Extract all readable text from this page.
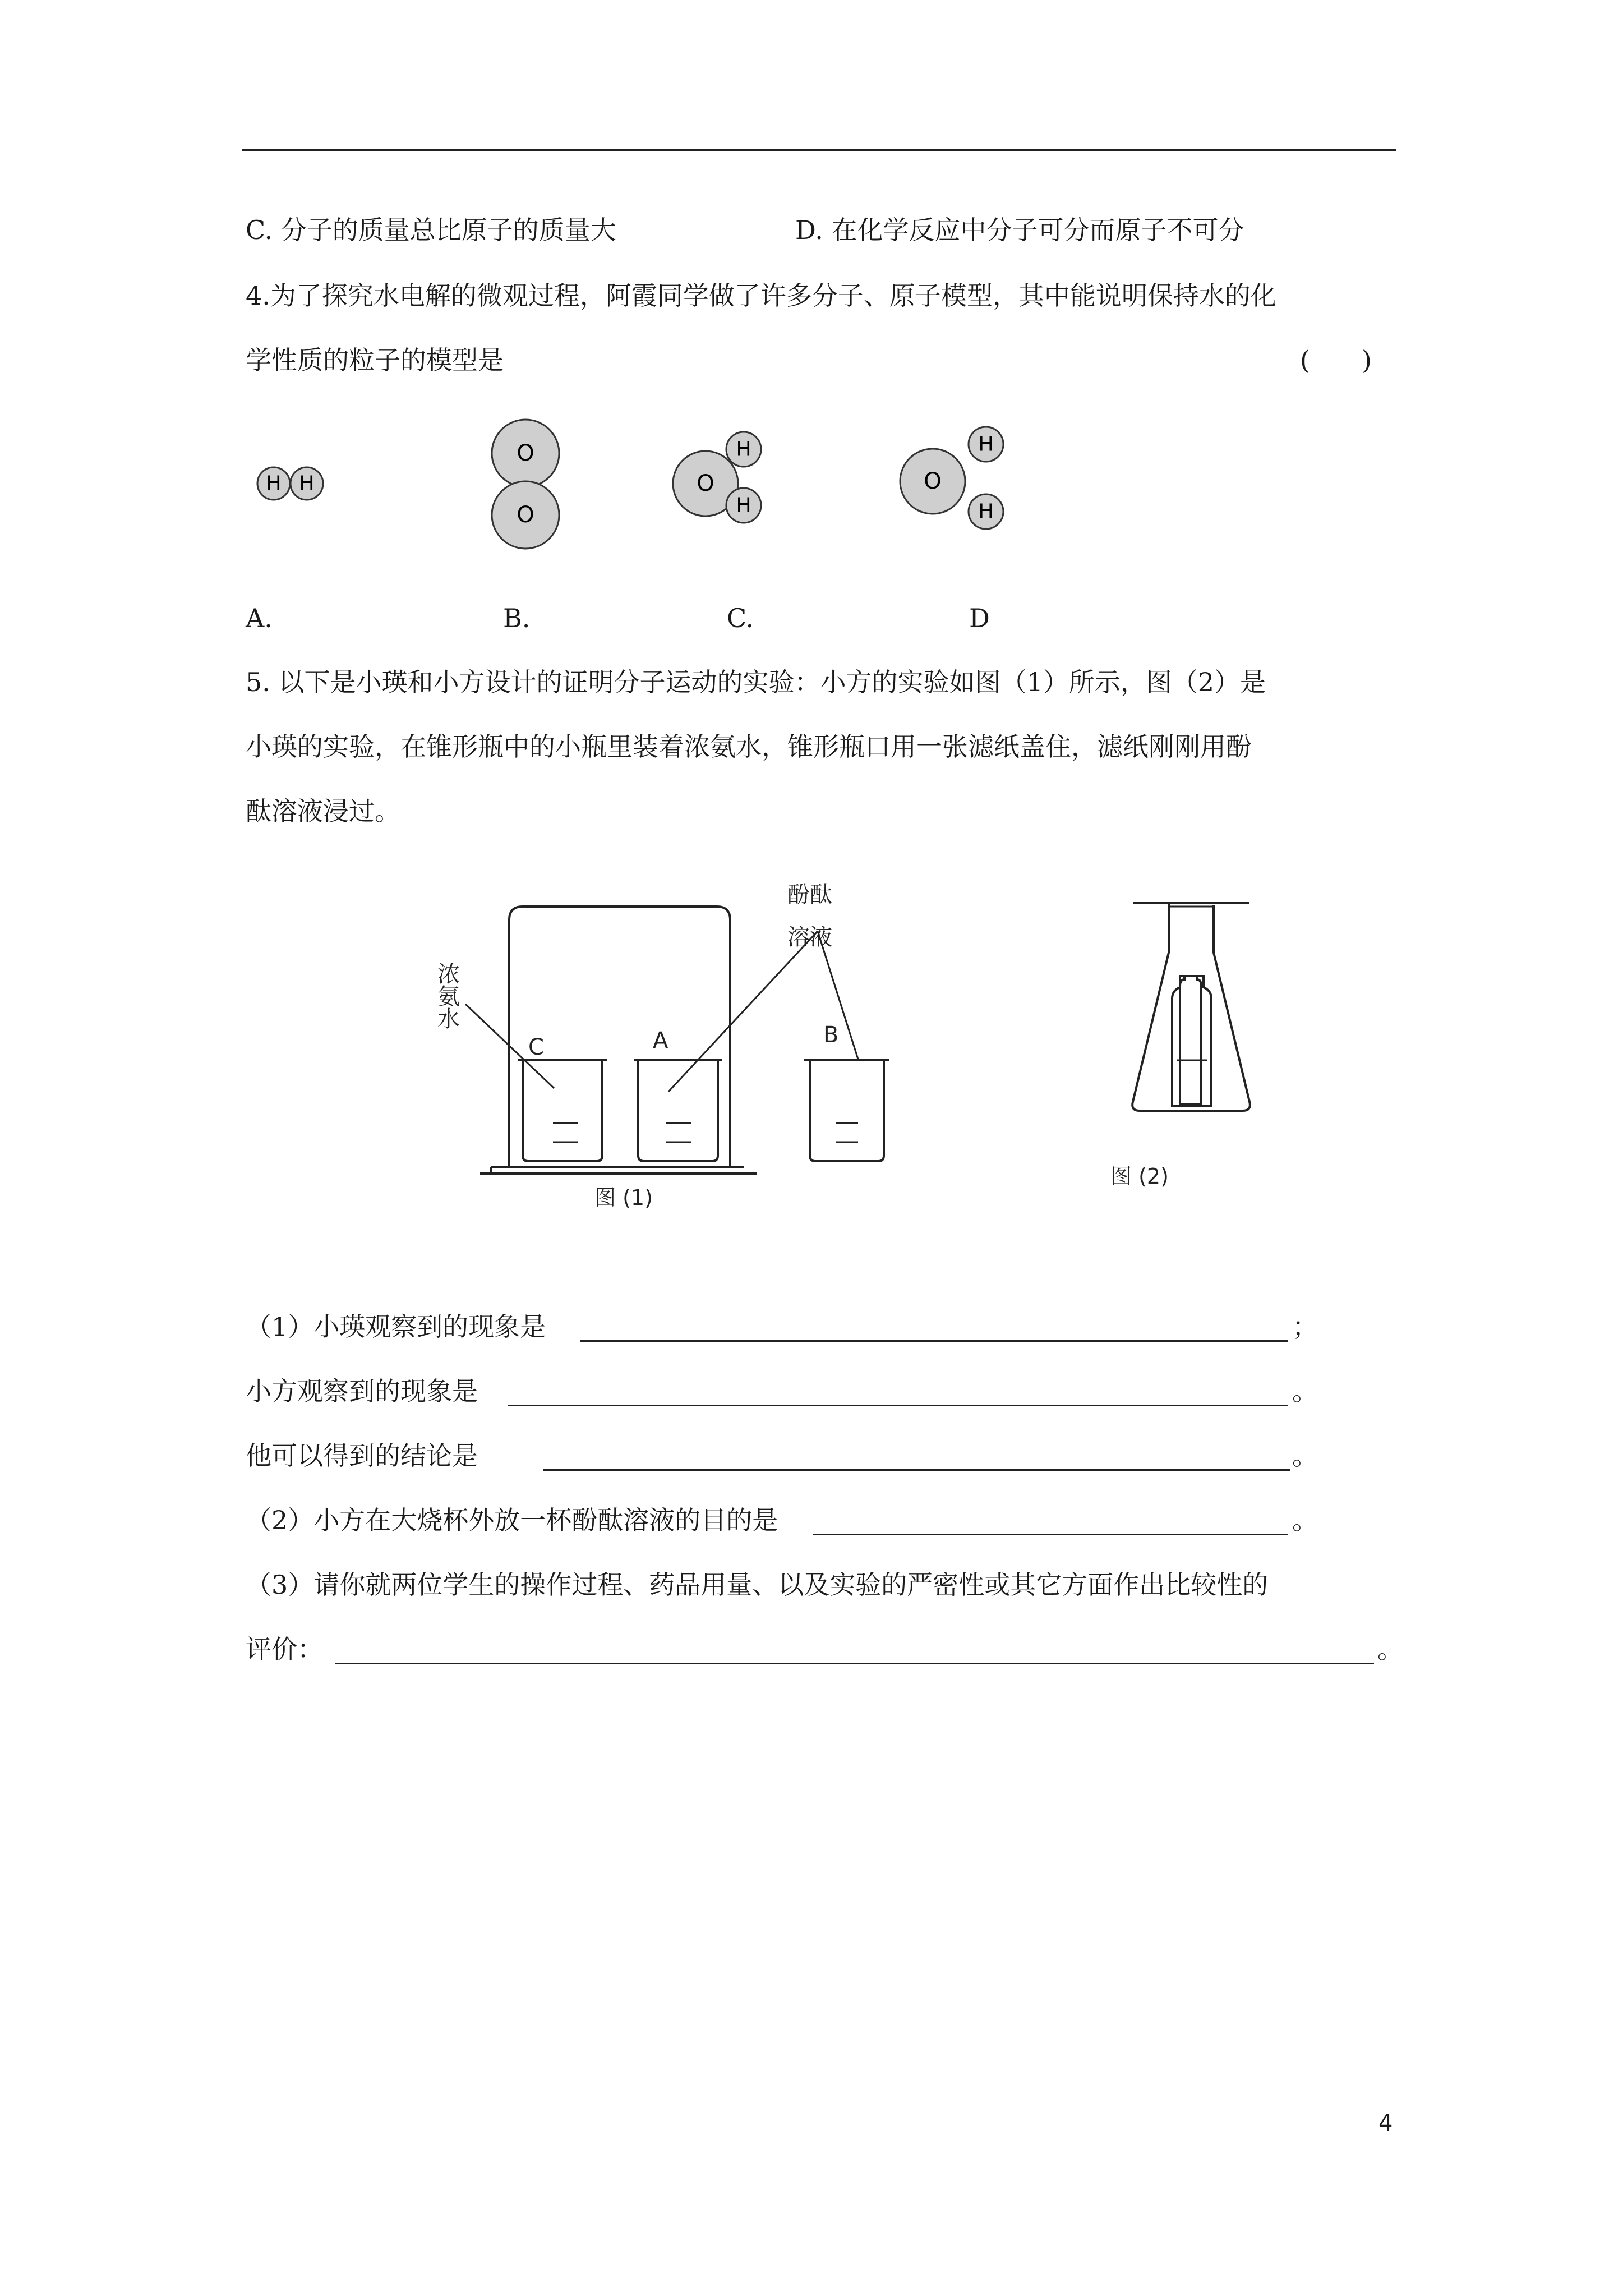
C. 分子的质量总比原子的质量大	D. 在化学反应中分子可分而原子不可分
4.为了探究水电解的微观过程，阿霞同学做了许多分子、原子模型，其中能说明保持水的化
学性质的粒子的模型是	(　　)
H H
O
O
O
H
H
O
H
H
A.	B.	C.	D
5. 以下是小瑛和小方设计的证明分子运动的实验：小方的实验如图（1）所示，图（2）是
小瑛的实验，在锥形瓶中的小瓶里装着浓氨水，锥形瓶口用一张滤纸盖住，滤纸刚刚用酚
酞溶液浸过。
浓
氨
水
酚酞
溶液
C	A	B
图 (1)
图 (2)
（1）小瑛观察到的现象是	；
小方观察到的现象是	。
他可以得到的结论是	。
（2）小方在大烧杯外放一杯酚酞溶液的目的是	。
（3）请你就两位学生的操作过程、药品用量、以及实验的严密性或其它方面作出比较性的
评价：	。
4
